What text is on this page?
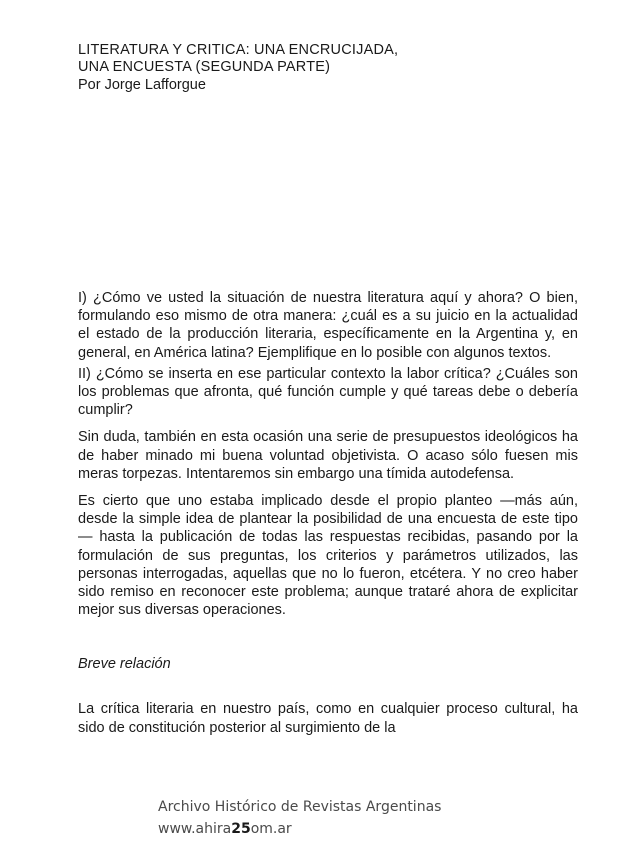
LITERATURA Y CRITICA: UNA ENCRUCIJADA,
UNA ENCUESTA (SEGUNDA PARTE)
Por Jorge Lafforgue

I) ¿Cómo ve usted la situación de nuestra literatura aquí y ahora? O bien, formulando eso mismo de otra manera: ¿cuál es a su juicio en la actualidad el estado de la producción literaria, específicamente en la Argentina y, en general, en América latina? Ejemplifique en lo posible con algunos textos.

II) ¿Cómo se inserta en ese particular contexto la labor crítica? ¿Cuáles son los problemas que afronta, qué función cumple y qué tareas debe o debería cumplir?

Sin duda, también en esta ocasión una serie de presupuestos ideológicos ha de haber minado mi buena voluntad objetivista. O acaso sólo fuesen mis meras torpezas. Intentaremos sin embargo una tímida autodefensa.

Es cierto que uno estaba implicado desde el propio planteo —más aún, desde la simple idea de plantear la posibilidad de una encuesta de este tipo— hasta la publicación de todas las respuestas recibidas, pasando por la formulación de sus preguntas, los criterios y parámetros utilizados, las personas interrogadas, aquellas que no lo fueron, etcétera. Y no creo haber sido remiso en reconocer este problema; aunque trataré ahora de explicitar mejor sus diversas operaciones.

Breve relación

La crítica literaria en nuestro país, como en cualquier proceso cultural, ha sido de constitución posterior al surgimiento de la

Archivo Histórico de Revistas Argentinas
www.ahira25om.ar
